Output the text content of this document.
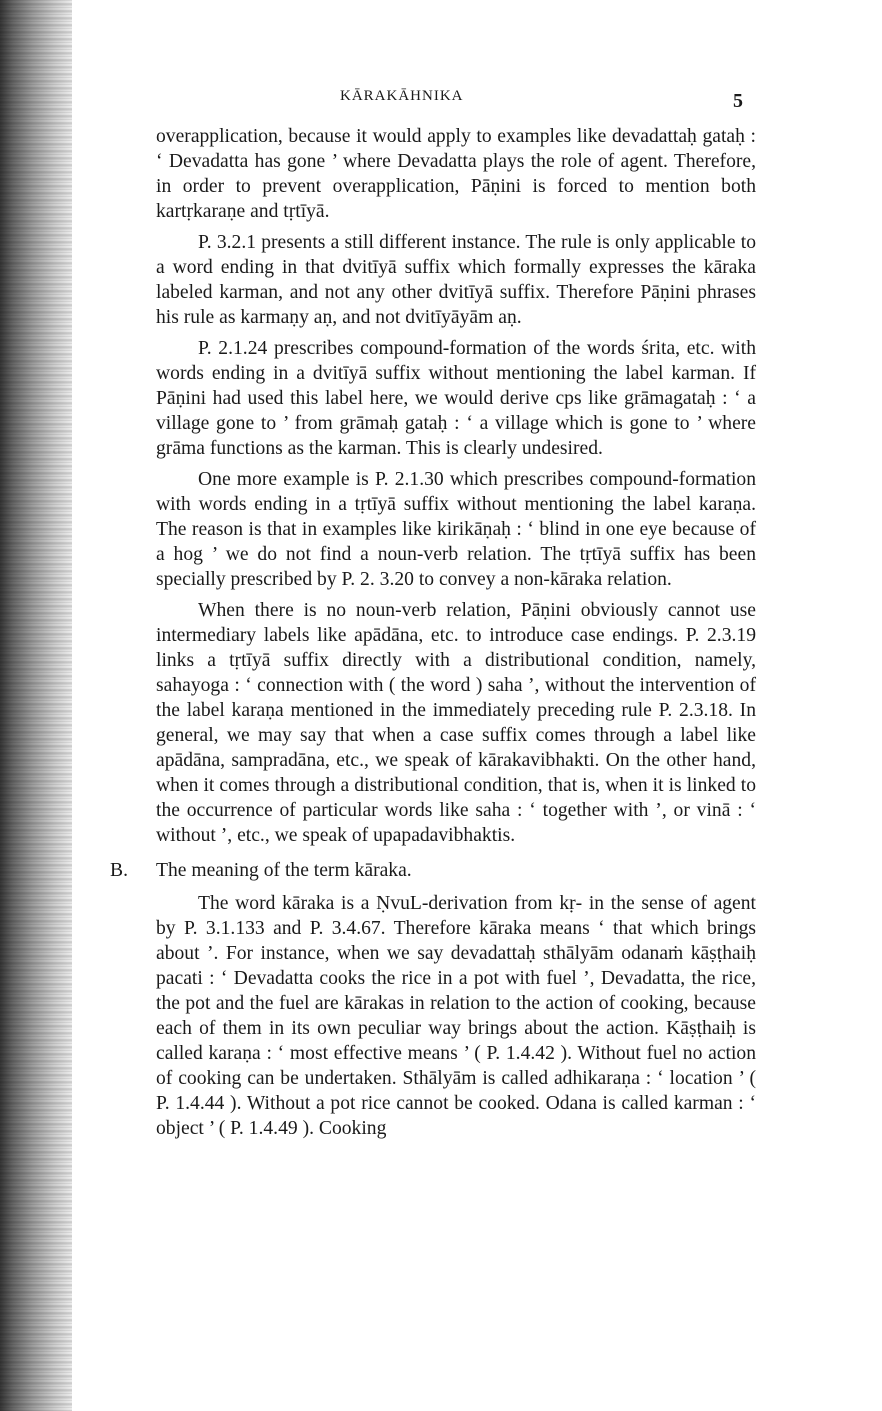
KĀRAKĀHNIKA	5

overapplication, because it would apply to examples like devadattaḥ gataḥ : ‘ Devadatta has gone ’ where Devadatta plays the role of agent. Therefore, in order to prevent overapplication, Pāṇini is forced to mention both kartṛkaraṇe and tṛtīyā.

P. 3.2.1 presents a still different instance. The rule is only applicable to a word ending in that dvitīyā suffix which formally expresses the kāraka labeled karman, and not any other dvitīyā suffix. Therefore Pāṇini phrases his rule as karmaṇy aṇ, and not dvitīyāyām aṇ.

P. 2.1.24 prescribes compound-formation of the words śrita, etc. with words ending in a dvitīyā suffix without mentioning the label karman. If Pāṇini had used this label here, we would derive cps like grāmagataḥ : ‘ a village gone to ’ from grāmaḥ gataḥ : ‘ a village which is gone to ’ where grāma functions as the karman. This is clearly undesired.

One more example is P. 2.1.30 which prescribes compound-formation with words ending in a tṛtīyā suffix without mentioning the label karaṇa. The reason is that in examples like kirikāṇaḥ : ‘ blind in one eye because of a hog ’ we do not find a noun-verb relation. The tṛtīyā suffix has been specially prescribed by P. 2. 3.20 to convey a non-kāraka relation.

When there is no noun-verb relation, Pāṇini obviously cannot use intermediary labels like apādāna, etc. to introduce case endings. P. 2.3.19 links a tṛtīyā suffix directly with a distributional condition, namely, sahayoga : ‘ connection with ( the word ) saha ’, without the intervention of the label karaṇa mentioned in the immediately preceding rule P. 2.3.18. In general, we may say that when a case suffix comes through a label like apādāna, sampradāna, etc., we speak of kārakavibhakti. On the other hand, when it comes through a distributional condition, that is, when it is linked to the occurrence of particular words like saha : ‘ together with ’, or vinā : ‘ without ’, etc., we speak of upapadavibhaktis.

B. The meaning of the term kāraka.

The word kāraka is a ṆvuL-derivation from kṛ- in the sense of agent by P. 3.1.133 and P. 3.4.67. Therefore kāraka means ‘ that which brings about ’. For instance, when we say devadattaḥ sthālyām odanaṁ kāṣṭhaiḥ pacati : ‘ Devadatta cooks the rice in a pot with fuel ’, Devadatta, the rice, the pot and the fuel are kārakas in relation to the action of cooking, because each of them in its own peculiar way brings about the action. Kāṣṭhaiḥ is called karaṇa : ‘ most effective means ’ ( P. 1.4.42 ). Without fuel no action of cooking can be undertaken. Sthālyām is called adhikaraṇa : ‘ location ’ ( P. 1.4.44 ). Without a pot rice cannot be cooked. Odana is called karman : ‘ object ’ ( P. 1.4.49 ). Cooking
